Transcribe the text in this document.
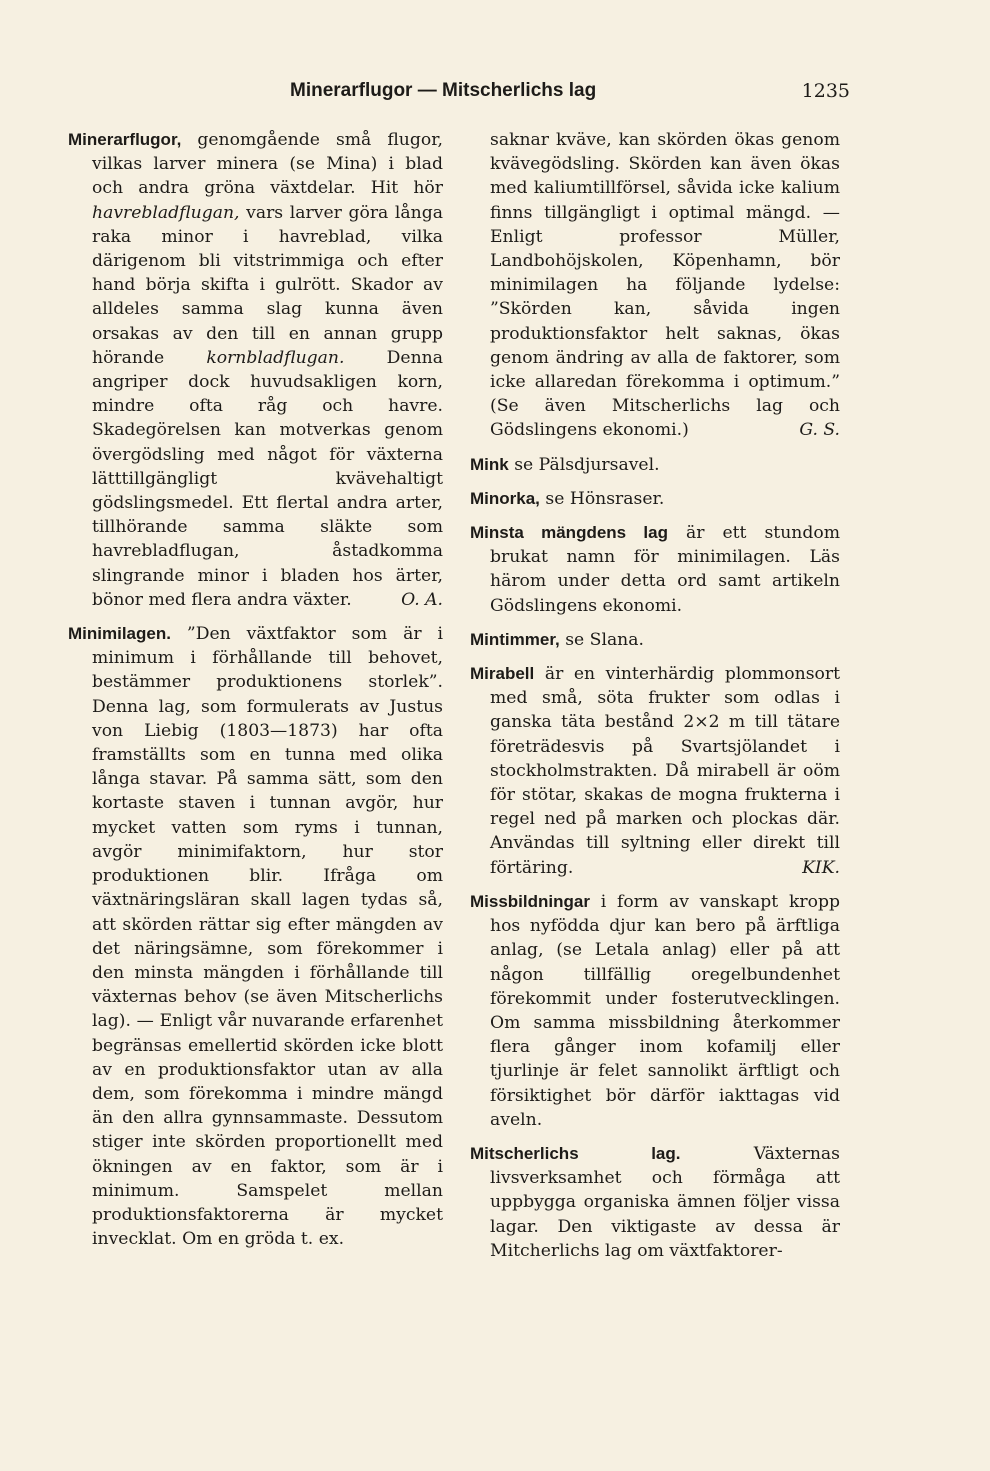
Minerarflugor — Mitscherlichs lag	1235

Minerarflugor, genomgående små flugor, vilkas larver minera (se Mina) i blad och andra gröna växtdelar. Hit hör havrebladflugan, vars larver göra långa raka minor i havreblad, vilka därigenom bli vitstrimmiga och efter hand börja skifta i gulrött. Skador av alldeles samma slag kunna även orsakas av den till en annan grupp hörande kornbladflugan. Denna angriper dock huvudsakligen korn, mindre ofta råg och havre. Skadegörelsen kan motverkas genom övergödsling med något för växterna lätttillgängligt kvävehaltigt gödslingsmedel. Ett flertal andra arter, tillhörande samma släkte som havrebladflugan, åstadkomma slingrande minor i bladen hos ärter, bönor med flera andra växter.	O. A.

Minimilagen. ”Den växtfaktor som är i minimum i förhållande till behovet, bestämmer produktionens storlek”. Denna lag, som formulerats av Justus von Liebig (1803—1873) har ofta framställts som en tunna med olika långa stavar. På samma sätt, som den kortaste staven i tunnan avgör, hur mycket vatten som ryms i tunnan, avgör minimifaktorn, hur stor produktionen blir. Ifråga om växtnäringsläran skall lagen tydas så, att skörden rättar sig efter mängden av det näringsämne, som förekommer i den minsta mängden i förhållande till växternas behov (se även Mitscherlichs lag). — Enligt vår nuvarande erfarenhet begränsas emellertid skörden icke blott av en produktionsfaktor utan av alla dem, som förekomma i mindre mängd än den allra gynnsammaste. Dessutom stiger inte skörden proportionellt med ökningen av en faktor, som är i minimum. Samspelet mellan produktionsfaktorerna är mycket invecklat. Om en gröda t. ex.

saknar kväve, kan skörden ökas genom kvävegödsling. Skörden kan även ökas med kaliumtillförsel, såvida icke kalium finns tillgängligt i optimal mängd. — Enligt professor Müller, Landbohöjskolen, Köpenhamn, bör minimilagen ha följande lydelse: ”Skörden kan, såvida ingen produktionsfaktor helt saknas, ökas genom ändring av alla de faktorer, som icke allaredan förekomma i optimum.” (Se även Mitscherlichs lag och Gödslingens ekonomi.)	G. S.

Mink se Pälsdjursavel.

Minorka, se Hönsraser.

Minsta mängdens lag är ett stundom brukat namn för minimilagen. Läs härom under detta ord samt artikeln Gödslingens ekonomi.

Mintimmer, se Slana.

Mirabell är en vinterhärdig plommonsort med små, söta frukter som odlas i ganska täta bestånd 2×2 m till tätare företrädesvis på Svartsjölandet i stockholmstrakten. Då mirabell är oöm för stötar, skakas de mogna frukterna i regel ned på marken och plockas där. Användas till syltning eller direkt till förtäring.	KIK.

Missbildningar i form av vanskapt kropp hos nyfödda djur kan bero på ärftliga anlag, (se Letala anlag) eller på att någon tillfällig oregelbundenhet förekommit under fosterutvecklingen. Om samma missbildning återkommer flera gånger inom kofamilj eller tjurlinje är felet sannolikt ärftligt och försiktighet bör därför iakttagas vid aveln.

Mitscherlichs lag. Växternas livsverksamhet och förmåga att uppbygga organiska ämnen följer vissa lagar. Den viktigaste av dessa är Mitcherlichs lag om växtfaktorer-
